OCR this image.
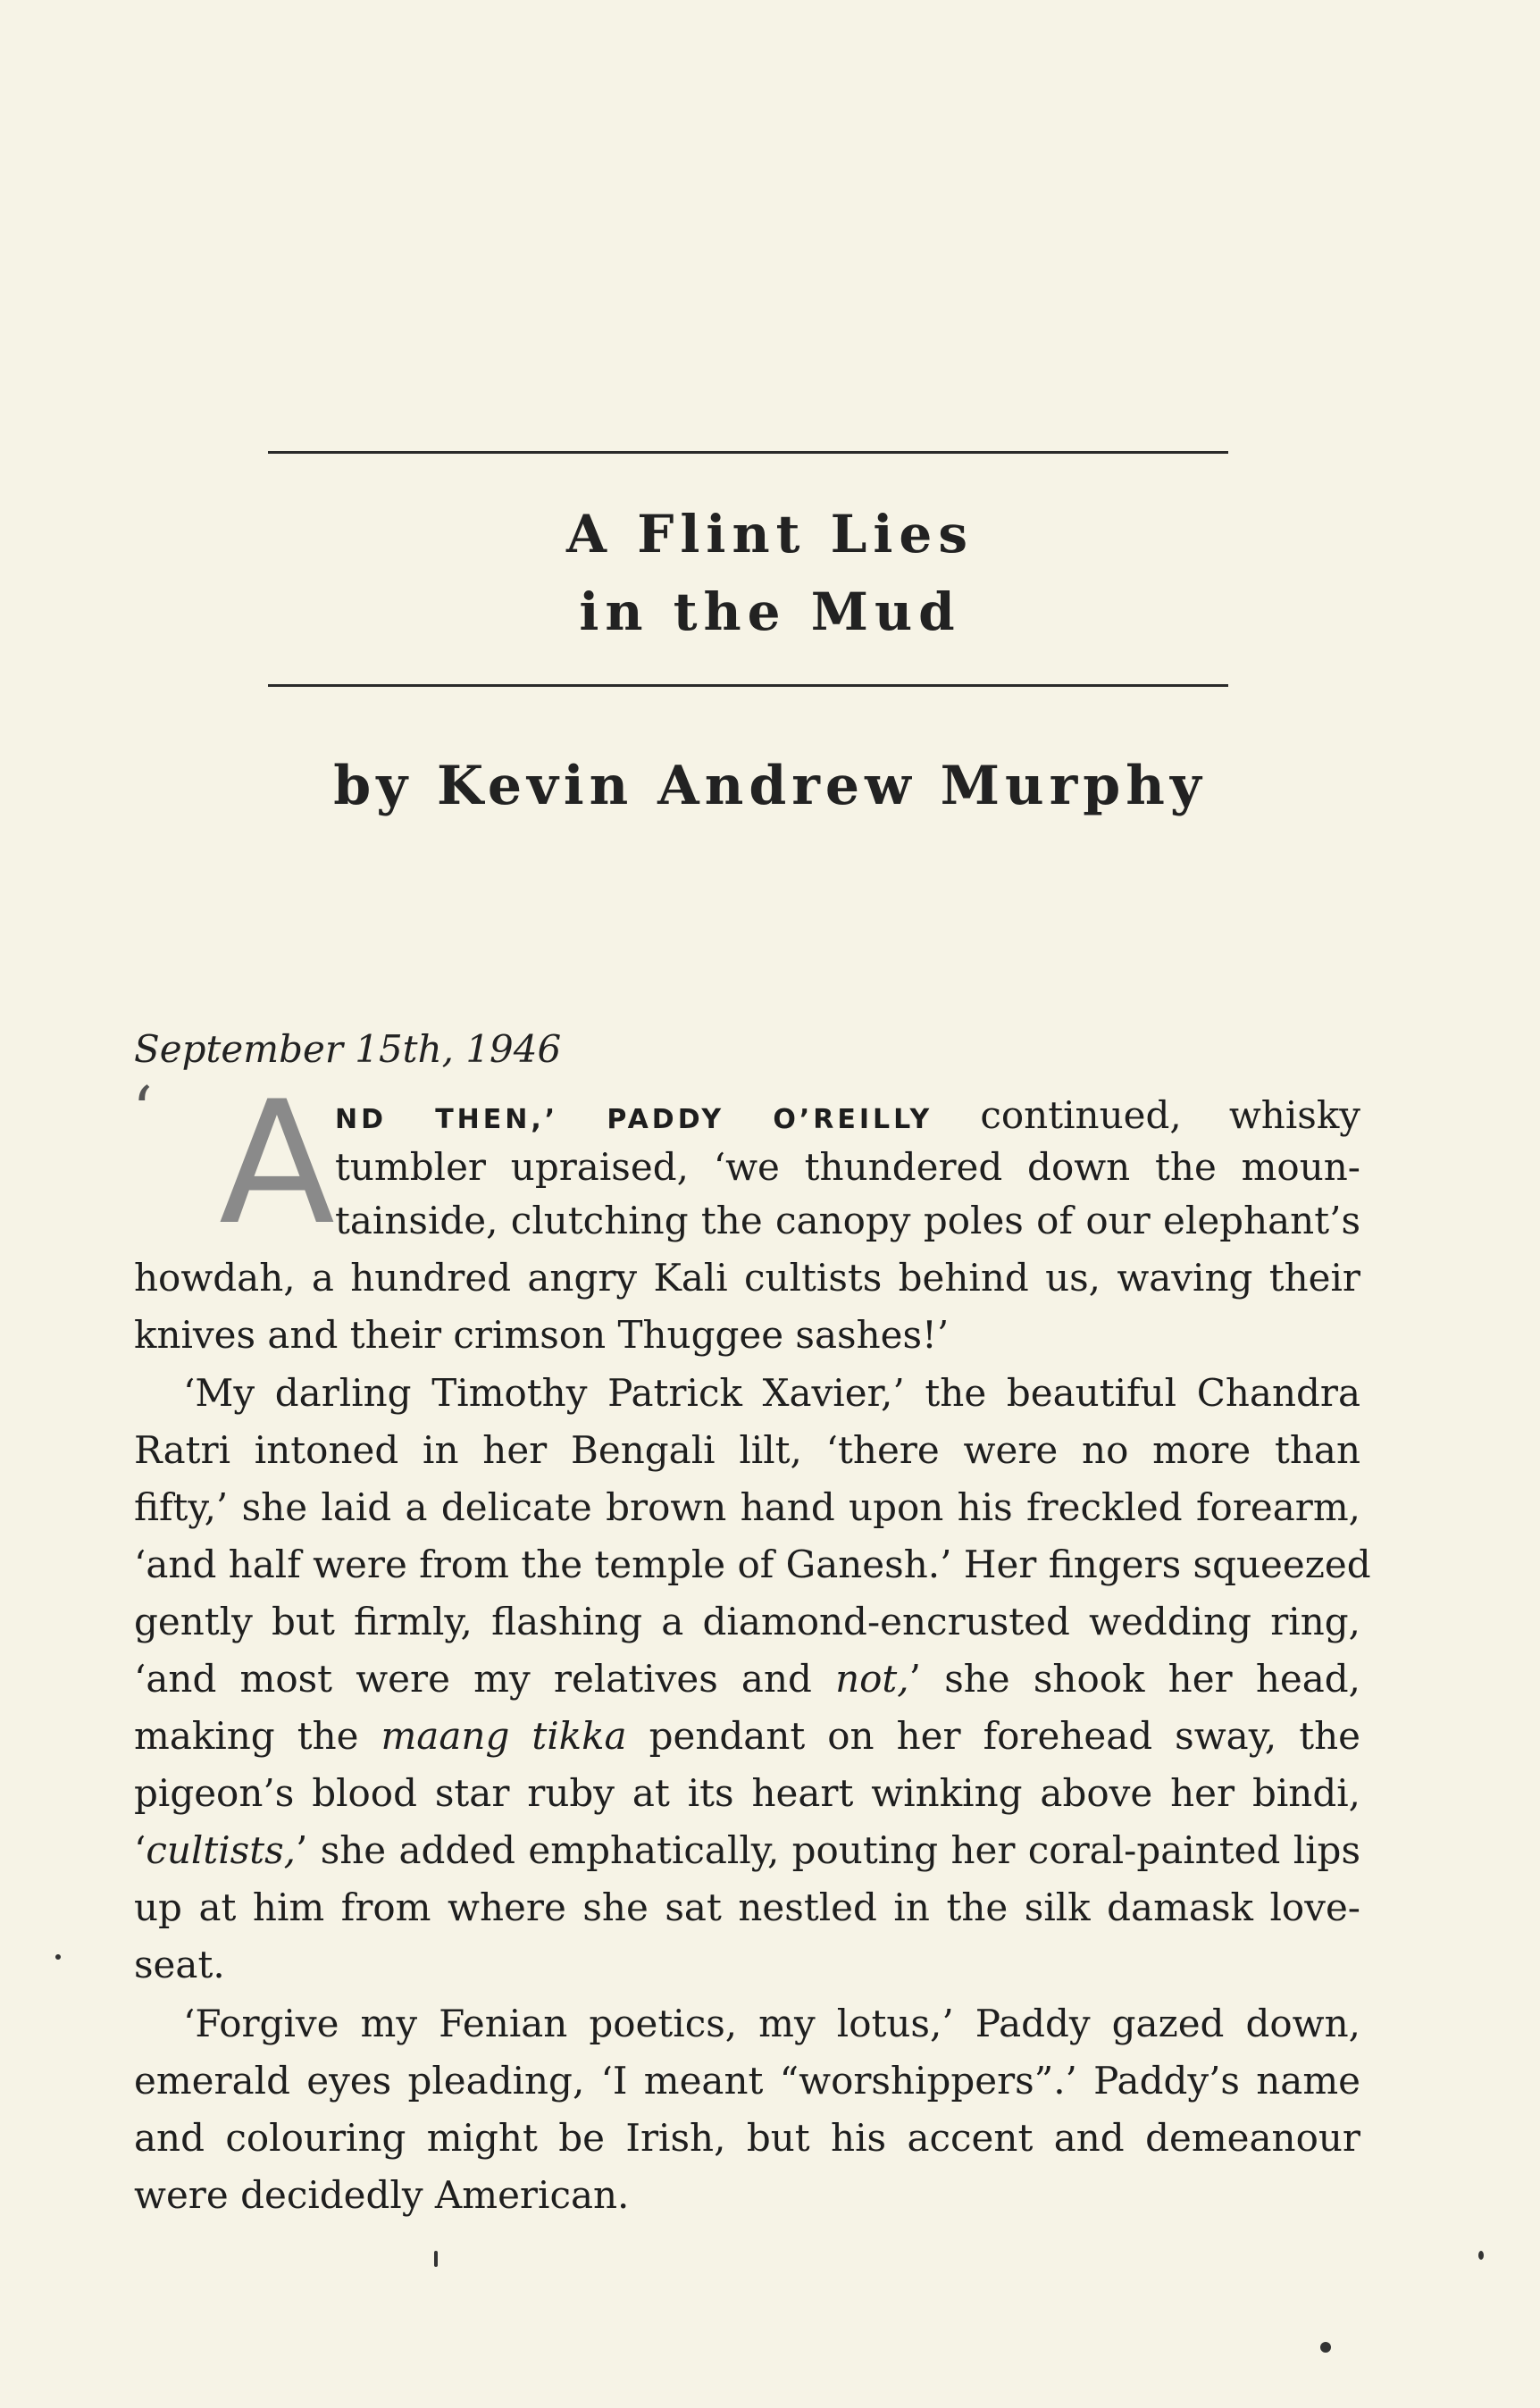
A Flint Lies
in the Mud
by Kevin Andrew Murphy
September 15th, 1946
‘ A ND THEN,’ PADDY O’REILLY continued, whisky
tumbler upraised, ‘we thundered down the moun-
tainside, clutching the canopy poles of our elephant’s
howdah, a hundred angry Kali cultists behind us, waving their
knives and their crimson Thuggee sashes!’
‘My darling Timothy Patrick Xavier,’ the beautiful Chandra
Ratri intoned in her Bengali lilt, ‘there were no more than
fifty,’ she laid a delicate brown hand upon his freckled forearm,
‘and half were from the temple of Ganesh.’ Her fingers squeezed
gently but firmly, flashing a diamond-encrusted wedding ring,
‘and most were my relatives and not,’ she shook her head,
making the maang tikka pendant on her forehead sway, the
pigeon’s blood star ruby at its heart winking above her bindi,
‘cultists,’ she added emphatically, pouting her coral-painted lips
up at him from where she sat nestled in the silk damask love-
seat.
‘Forgive my Fenian poetics, my lotus,’ Paddy gazed down,
emerald eyes pleading, ‘I meant “worshippers”.’ Paddy’s name
and colouring might be Irish, but his accent and demeanour
were decidedly American.
